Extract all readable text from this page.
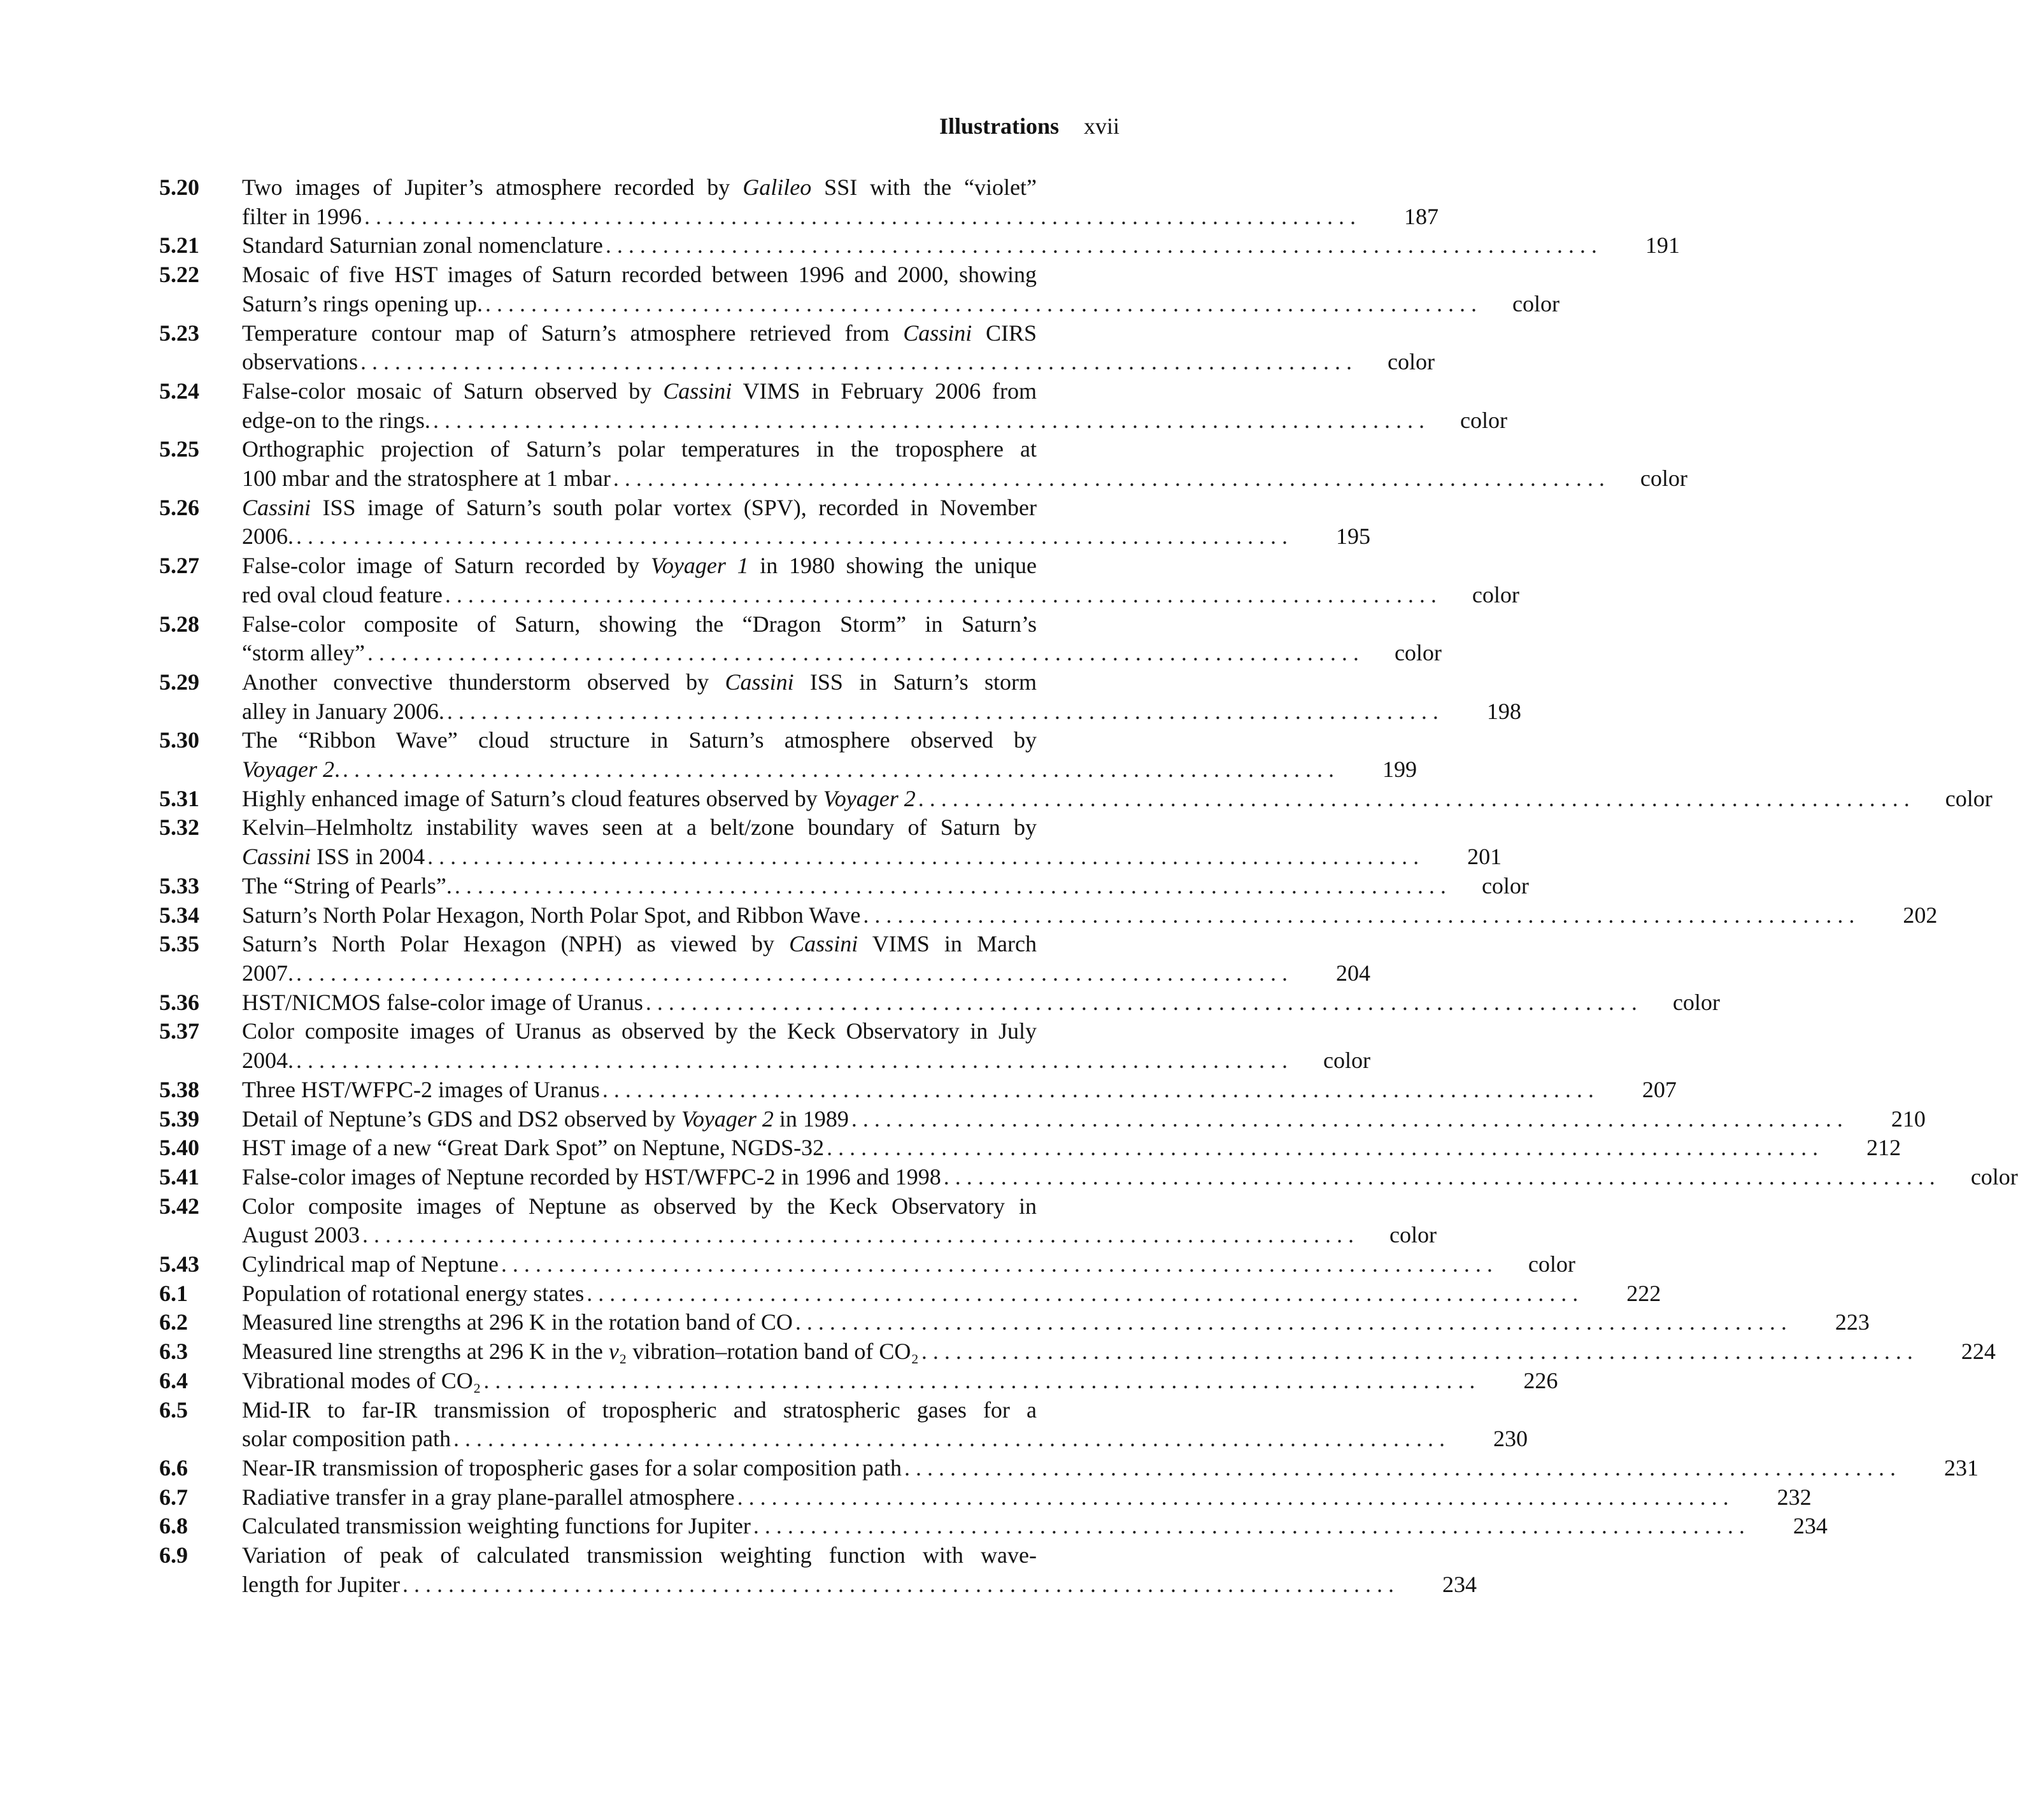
Illustrations xvii
5.20	Two images of Jupiter’s atmosphere recorded by Galileo SSI with the “violet”
filter in 1996 . . . . . . . . . . . . . . . . . . . . . . . . . . . . . . . . . . . . . . . . . . . . . . . . . . . . . . . . . . . . . . . . . . . . . . . . . . . . . . . . . . . . . . .	187
5.21	Standard Saturnian zonal nomenclature . . . . . . . . . . . . . . . . . . . . . . . . . . . . . . . . . . . . . . . . . . . . . . . . . . . . . . . . . . . . . . . . . . . . . . . . . . . . . . . . . . . . . . .	191
5.22	Mosaic of five HST images of Saturn recorded between 1996 and 2000, showing
Saturn’s rings opening up. . . . . . . . . . . . . . . . . . . . . . . . . . . . . . . . . . . . . . . . . . . . . . . . . . . . . . . . . . . . . . . . . . . . . . . . . . . . . . . . . . . . . . . .	color
5.23	Temperature contour map of Saturn’s atmosphere retrieved from Cassini CIRS
observations . . . . . . . . . . . . . . . . . . . . . . . . . . . . . . . . . . . . . . . . . . . . . . . . . . . . . . . . . . . . . . . . . . . . . . . . . . . . . . . . . . . . . . .	color
5.24	False-color mosaic of Saturn observed by Cassini VIMS in February 2006 from
edge-on to the rings. . . . . . . . . . . . . . . . . . . . . . . . . . . . . . . . . . . . . . . . . . . . . . . . . . . . . . . . . . . . . . . . . . . . . . . . . . . . . . . . . . . . . . . .	color
5.25	Orthographic projection of Saturn’s polar temperatures in the troposphere at
100 mbar and the stratosphere at 1 mbar . . . . . . . . . . . . . . . . . . . . . . . . . . . . . . . . . . . . . . . . . . . . . . . . . . . . . . . . . . . . . . . . . . . . . . . . . . . . . . . . . . . . . . .	color
5.26	Cassini ISS image of Saturn’s south polar vortex (SPV), recorded in November
2006. . . . . . . . . . . . . . . . . . . . . . . . . . . . . . . . . . . . . . . . . . . . . . . . . . . . . . . . . . . . . . . . . . . . . . . . . . . . . . . . . . . . . . . .	195
5.27	False-color image of Saturn recorded by Voyager 1 in 1980 showing the unique
red oval cloud feature . . . . . . . . . . . . . . . . . . . . . . . . . . . . . . . . . . . . . . . . . . . . . . . . . . . . . . . . . . . . . . . . . . . . . . . . . . . . . . . . . . . . . . .	color
5.28	False-color composite of Saturn, showing the “Dragon Storm” in Saturn’s
“storm alley” . . . . . . . . . . . . . . . . . . . . . . . . . . . . . . . . . . . . . . . . . . . . . . . . . . . . . . . . . . . . . . . . . . . . . . . . . . . . . . . . . . . . . . .	color
5.29	Another convective thunderstorm observed by Cassini ISS in Saturn’s storm
alley in January 2006. . . . . . . . . . . . . . . . . . . . . . . . . . . . . . . . . . . . . . . . . . . . . . . . . . . . . . . . . . . . . . . . . . . . . . . . . . . . . . . . . . . . . . . .	198
5.30	The “Ribbon Wave” cloud structure in Saturn’s atmosphere observed by
Voyager 2. . . . . . . . . . . . . . . . . . . . . . . . . . . . . . . . . . . . . . . . . . . . . . . . . . . . . . . . . . . . . . . . . . . . . . . . . . . . . . . . . . . . . . . .	199
5.31	Highly enhanced image of Saturn’s cloud features observed by Voyager 2 . . . . . . . . . . . . . . . . . . . . . . . . . . . . . . . . . . . . . . . . . . . . . . . . . . . . . . . . . . . . . . . . . . . . . . . . . . . . . . . . . . . . . . .	color
5.32	Kelvin–Helmholtz instability waves seen at a belt/zone boundary of Saturn by
Cassini ISS in 2004 . . . . . . . . . . . . . . . . . . . . . . . . . . . . . . . . . . . . . . . . . . . . . . . . . . . . . . . . . . . . . . . . . . . . . . . . . . . . . . . . . . . . . . .	201
5.33	The “String of Pearls”. . . . . . . . . . . . . . . . . . . . . . . . . . . . . . . . . . . . . . . . . . . . . . . . . . . . . . . . . . . . . . . . . . . . . . . . . . . . . . . . . . . . . . . .	color
5.34	Saturn’s North Polar Hexagon, North Polar Spot, and Ribbon Wave . . . . . . . . . . . . . . . . . . . . . . . . . . . . . . . . . . . . . . . . . . . . . . . . . . . . . . . . . . . . . . . . . . . . . . . . . . . . . . . . . . . . . . .	202
5.35	Saturn’s North Polar Hexagon (NPH) as viewed by Cassini VIMS in March
2007. . . . . . . . . . . . . . . . . . . . . . . . . . . . . . . . . . . . . . . . . . . . . . . . . . . . . . . . . . . . . . . . . . . . . . . . . . . . . . . . . . . . . . . .	204
5.36	HST/NICMOS false-color image of Uranus . . . . . . . . . . . . . . . . . . . . . . . . . . . . . . . . . . . . . . . . . . . . . . . . . . . . . . . . . . . . . . . . . . . . . . . . . . . . . . . . . . . . . . .	color
5.37	Color composite images of Uranus as observed by the Keck Observatory in July
2004. . . . . . . . . . . . . . . . . . . . . . . . . . . . . . . . . . . . . . . . . . . . . . . . . . . . . . . . . . . . . . . . . . . . . . . . . . . . . . . . . . . . . . . .	color
5.38	Three HST/WFPC-2 images of Uranus . . . . . . . . . . . . . . . . . . . . . . . . . . . . . . . . . . . . . . . . . . . . . . . . . . . . . . . . . . . . . . . . . . . . . . . . . . . . . . . . . . . . . . .	207
5.39	Detail of Neptune’s GDS and DS2 observed by Voyager 2 in 1989 . . . . . . . . . . . . . . . . . . . . . . . . . . . . . . . . . . . . . . . . . . . . . . . . . . . . . . . . . . . . . . . . . . . . . . . . . . . . . . . . . . . . . . .	210
5.40	HST image of a new “Great Dark Spot” on Neptune, NGDS-32 . . . . . . . . . . . . . . . . . . . . . . . . . . . . . . . . . . . . . . . . . . . . . . . . . . . . . . . . . . . . . . . . . . . . . . . . . . . . . . . . . . . . . . .	212
5.41	False-color images of Neptune recorded by HST/WFPC-2 in 1996 and 1998 . . . . . . . . . . . . . . . . . . . . . . . . . . . . . . . . . . . . . . . . . . . . . . . . . . . . . . . . . . . . . . . . . . . . . . . . . . . . . . . . . . . . . . .	color
5.42	Color composite images of Neptune as observed by the Keck Observatory in
August 2003 . . . . . . . . . . . . . . . . . . . . . . . . . . . . . . . . . . . . . . . . . . . . . . . . . . . . . . . . . . . . . . . . . . . . . . . . . . . . . . . . . . . . . . .	color
5.43	Cylindrical map of Neptune . . . . . . . . . . . . . . . . . . . . . . . . . . . . . . . . . . . . . . . . . . . . . . . . . . . . . . . . . . . . . . . . . . . . . . . . . . . . . . . . . . . . . . .	color
6.1	Population of rotational energy states . . . . . . . . . . . . . . . . . . . . . . . . . . . . . . . . . . . . . . . . . . . . . . . . . . . . . . . . . . . . . . . . . . . . . . . . . . . . . . . . . . . . . . .	222
6.2	Measured line strengths at 296 K in the rotation band of CO . . . . . . . . . . . . . . . . . . . . . . . . . . . . . . . . . . . . . . . . . . . . . . . . . . . . . . . . . . . . . . . . . . . . . . . . . . . . . . . . . . . . . . .	223
6.3	Measured line strengths at 296 K in the ν₂ vibration–rotation band of CO₂ . . . . . . . . . . . . . . . . . . . . . . . . . . . . . . . . . . . . . . . . . . . . . . . . . . . . . . . . . . . . . . . . . . . . . . . . . . . . . . . . . . . . . . .	224
6.4	Vibrational modes of CO₂ . . . . . . . . . . . . . . . . . . . . . . . . . . . . . . . . . . . . . . . . . . . . . . . . . . . . . . . . . . . . . . . . . . . . . . . . . . . . . . . . . . . . . . .	226
6.5	Mid-IR to far-IR transmission of tropospheric and stratospheric gases for a
solar composition path . . . . . . . . . . . . . . . . . . . . . . . . . . . . . . . . . . . . . . . . . . . . . . . . . . . . . . . . . . . . . . . . . . . . . . . . . . . . . . . . . . . . . . .	230
6.6	Near-IR transmission of tropospheric gases for a solar composition path . . . . . . . . . . . . . . . . . . . . . . . . . . . . . . . . . . . . . . . . . . . . . . . . . . . . . . . . . . . . . . . . . . . . . . . . . . . . . . . . . . . . . . .	231
6.7	Radiative transfer in a gray plane-parallel atmosphere . . . . . . . . . . . . . . . . . . . . . . . . . . . . . . . . . . . . . . . . . . . . . . . . . . . . . . . . . . . . . . . . . . . . . . . . . . . . . . . . . . . . . . .	232
6.8	Calculated transmission weighting functions for Jupiter . . . . . . . . . . . . . . . . . . . . . . . . . . . . . . . . . . . . . . . . . . . . . . . . . . . . . . . . . . . . . . . . . . . . . . . . . . . . . . . . . . . . . . .	234
6.9	Variation of peak of calculated transmission weighting function with wave-
length for Jupiter . . . . . . . . . . . . . . . . . . . . . . . . . . . . . . . . . . . . . . . . . . . . . . . . . . . . . . . . . . . . . . . . . . . . . . . . . . . . . . . . . . . . . . .	234
